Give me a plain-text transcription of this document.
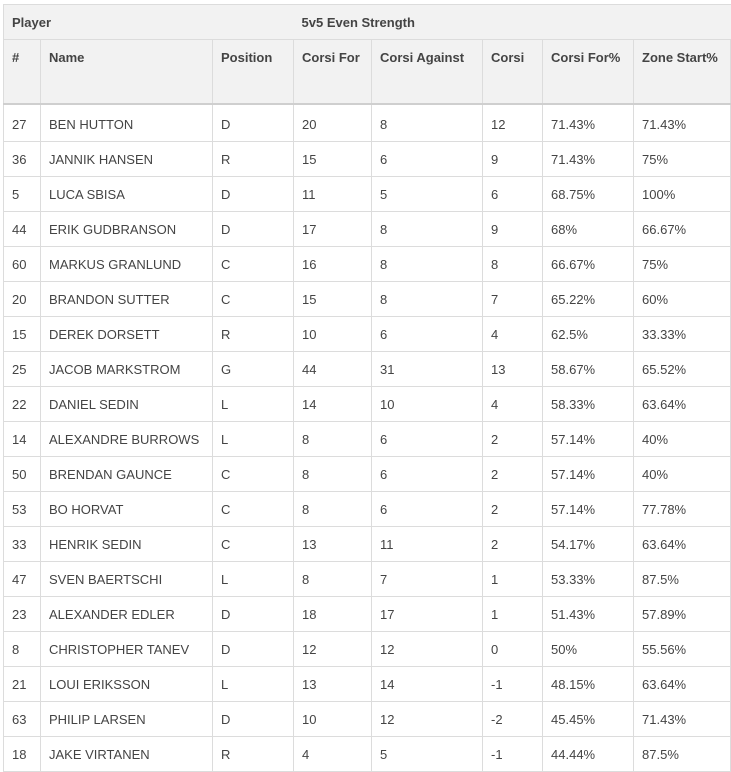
Player			5v5 Even Strength				
#	Name	Position	Corsi For	Corsi Against	Corsi	Corsi For%	Zone Start%
27	BEN HUTTON	D	20	8	12	71.43%	71.43%
36	JANNIK HANSEN	R	15	6	9	71.43%	75%
5	LUCA SBISA	D	11	5	6	68.75%	100%
44	ERIK GUDBRANSON	D	17	8	9	68%	66.67%
60	MARKUS GRANLUND	C	16	8	8	66.67%	75%
20	BRANDON SUTTER	C	15	8	7	65.22%	60%
15	DEREK DORSETT	R	10	6	4	62.5%	33.33%
25	JACOB MARKSTROM	G	44	31	13	58.67%	65.52%
22	DANIEL SEDIN	L	14	10	4	58.33%	63.64%
14	ALEXANDRE BURROWS	L	8	6	2	57.14%	40%
50	BRENDAN GAUNCE	C	8	6	2	57.14%	40%
53	BO HORVAT	C	8	6	2	57.14%	77.78%
33	HENRIK SEDIN	C	13	11	2	54.17%	63.64%
47	SVEN BAERTSCHI	L	8	7	1	53.33%	87.5%
23	ALEXANDER EDLER	D	18	17	1	51.43%	57.89%
8	CHRISTOPHER TANEV	D	12	12	0	50%	55.56%
21	LOUI ERIKSSON	L	13	14	-1	48.15%	63.64%
63	PHILIP LARSEN	D	10	12	-2	45.45%	71.43%
18	JAKE VIRTANEN	R	4	5	-1	44.44%	87.5%
